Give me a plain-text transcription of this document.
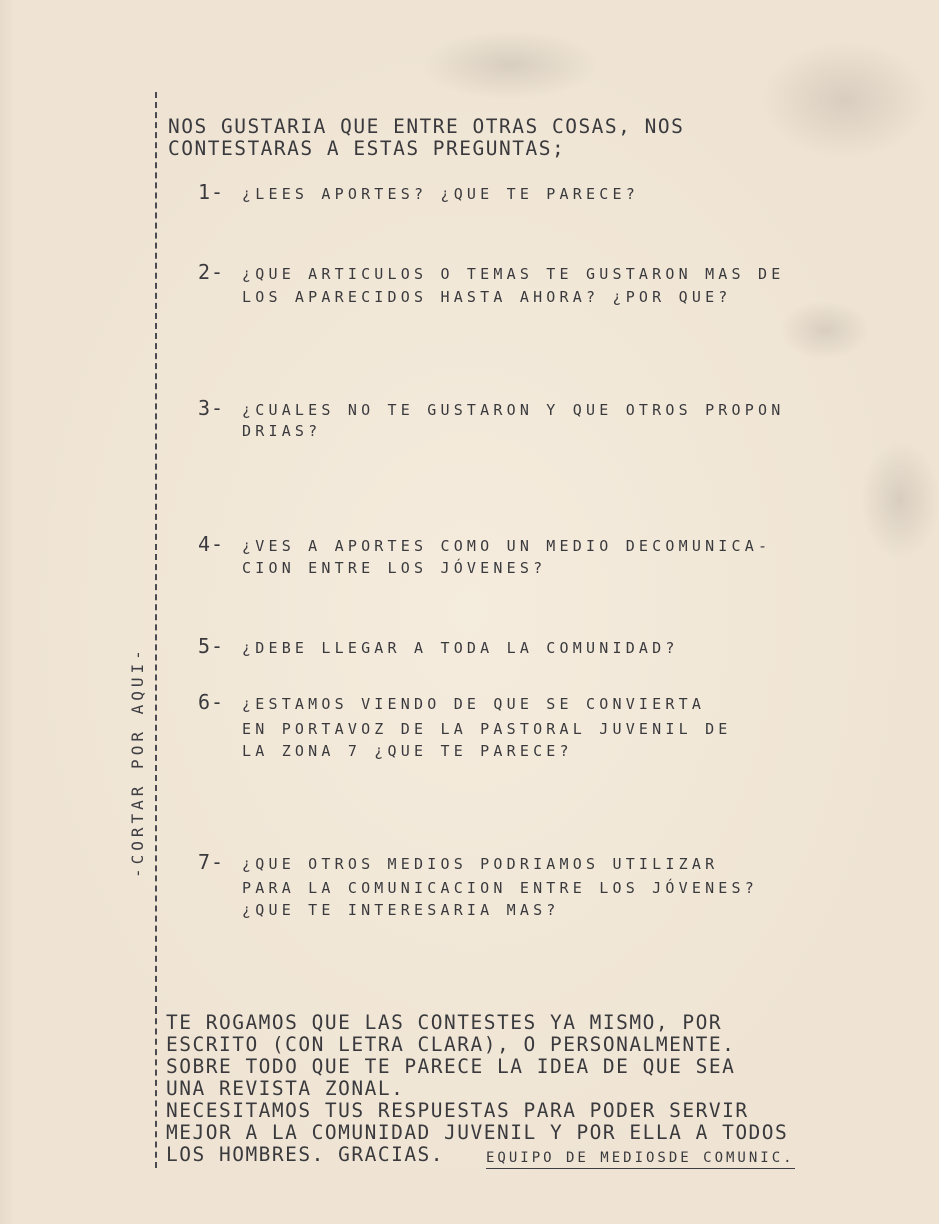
-CORTAR POR AQUI-
NOS GUSTARIA QUE ENTRE OTRAS COSAS, NOS
CONTESTARAS A ESTAS PREGUNTAS;
1- ¿LEES APORTES? ¿QUE TE PARECE?
2- ¿QUE ARTICULOS O TEMAS TE GUSTARON MAS DE
LOS APARECIDOS HASTA AHORA? ¿POR QUE?
3- ¿CUALES NO TE GUSTARON Y QUE OTROS PROPON
DRIAS?
4- ¿VES A APORTES COMO UN MEDIO DECOMUNICA-
CION ENTRE LOS JÓVENES?
5- ¿DEBE LLEGAR A TODA LA COMUNIDAD?
6- ¿ESTAMOS VIENDO DE QUE SE CONVIERTA
EN PORTAVOZ DE LA PASTORAL JUVENIL DE
LA ZONA 7 ¿QUE TE PARECE?
7- ¿QUE OTROS MEDIOS PODRIAMOS UTILIZAR
PARA LA COMUNICACION ENTRE LOS JÓVENES?
¿QUE TE INTERESARIA MAS?
TE ROGAMOS QUE LAS CONTESTES YA MISMO, POR
ESCRITO (CON LETRA CLARA), O PERSONALMENTE.
SOBRE TODO QUE TE PARECE LA IDEA DE QUE SEA
UNA REVISTA ZONAL.
NECESITAMOS TUS RESPUESTAS PARA PODER SERVIR
MEJOR A LA COMUNIDAD JUVENIL Y POR ELLA A TODOS
LOS HOMBRES. GRACIAS.	EQUIPO DE MEDIOSDE COMUNIC.
